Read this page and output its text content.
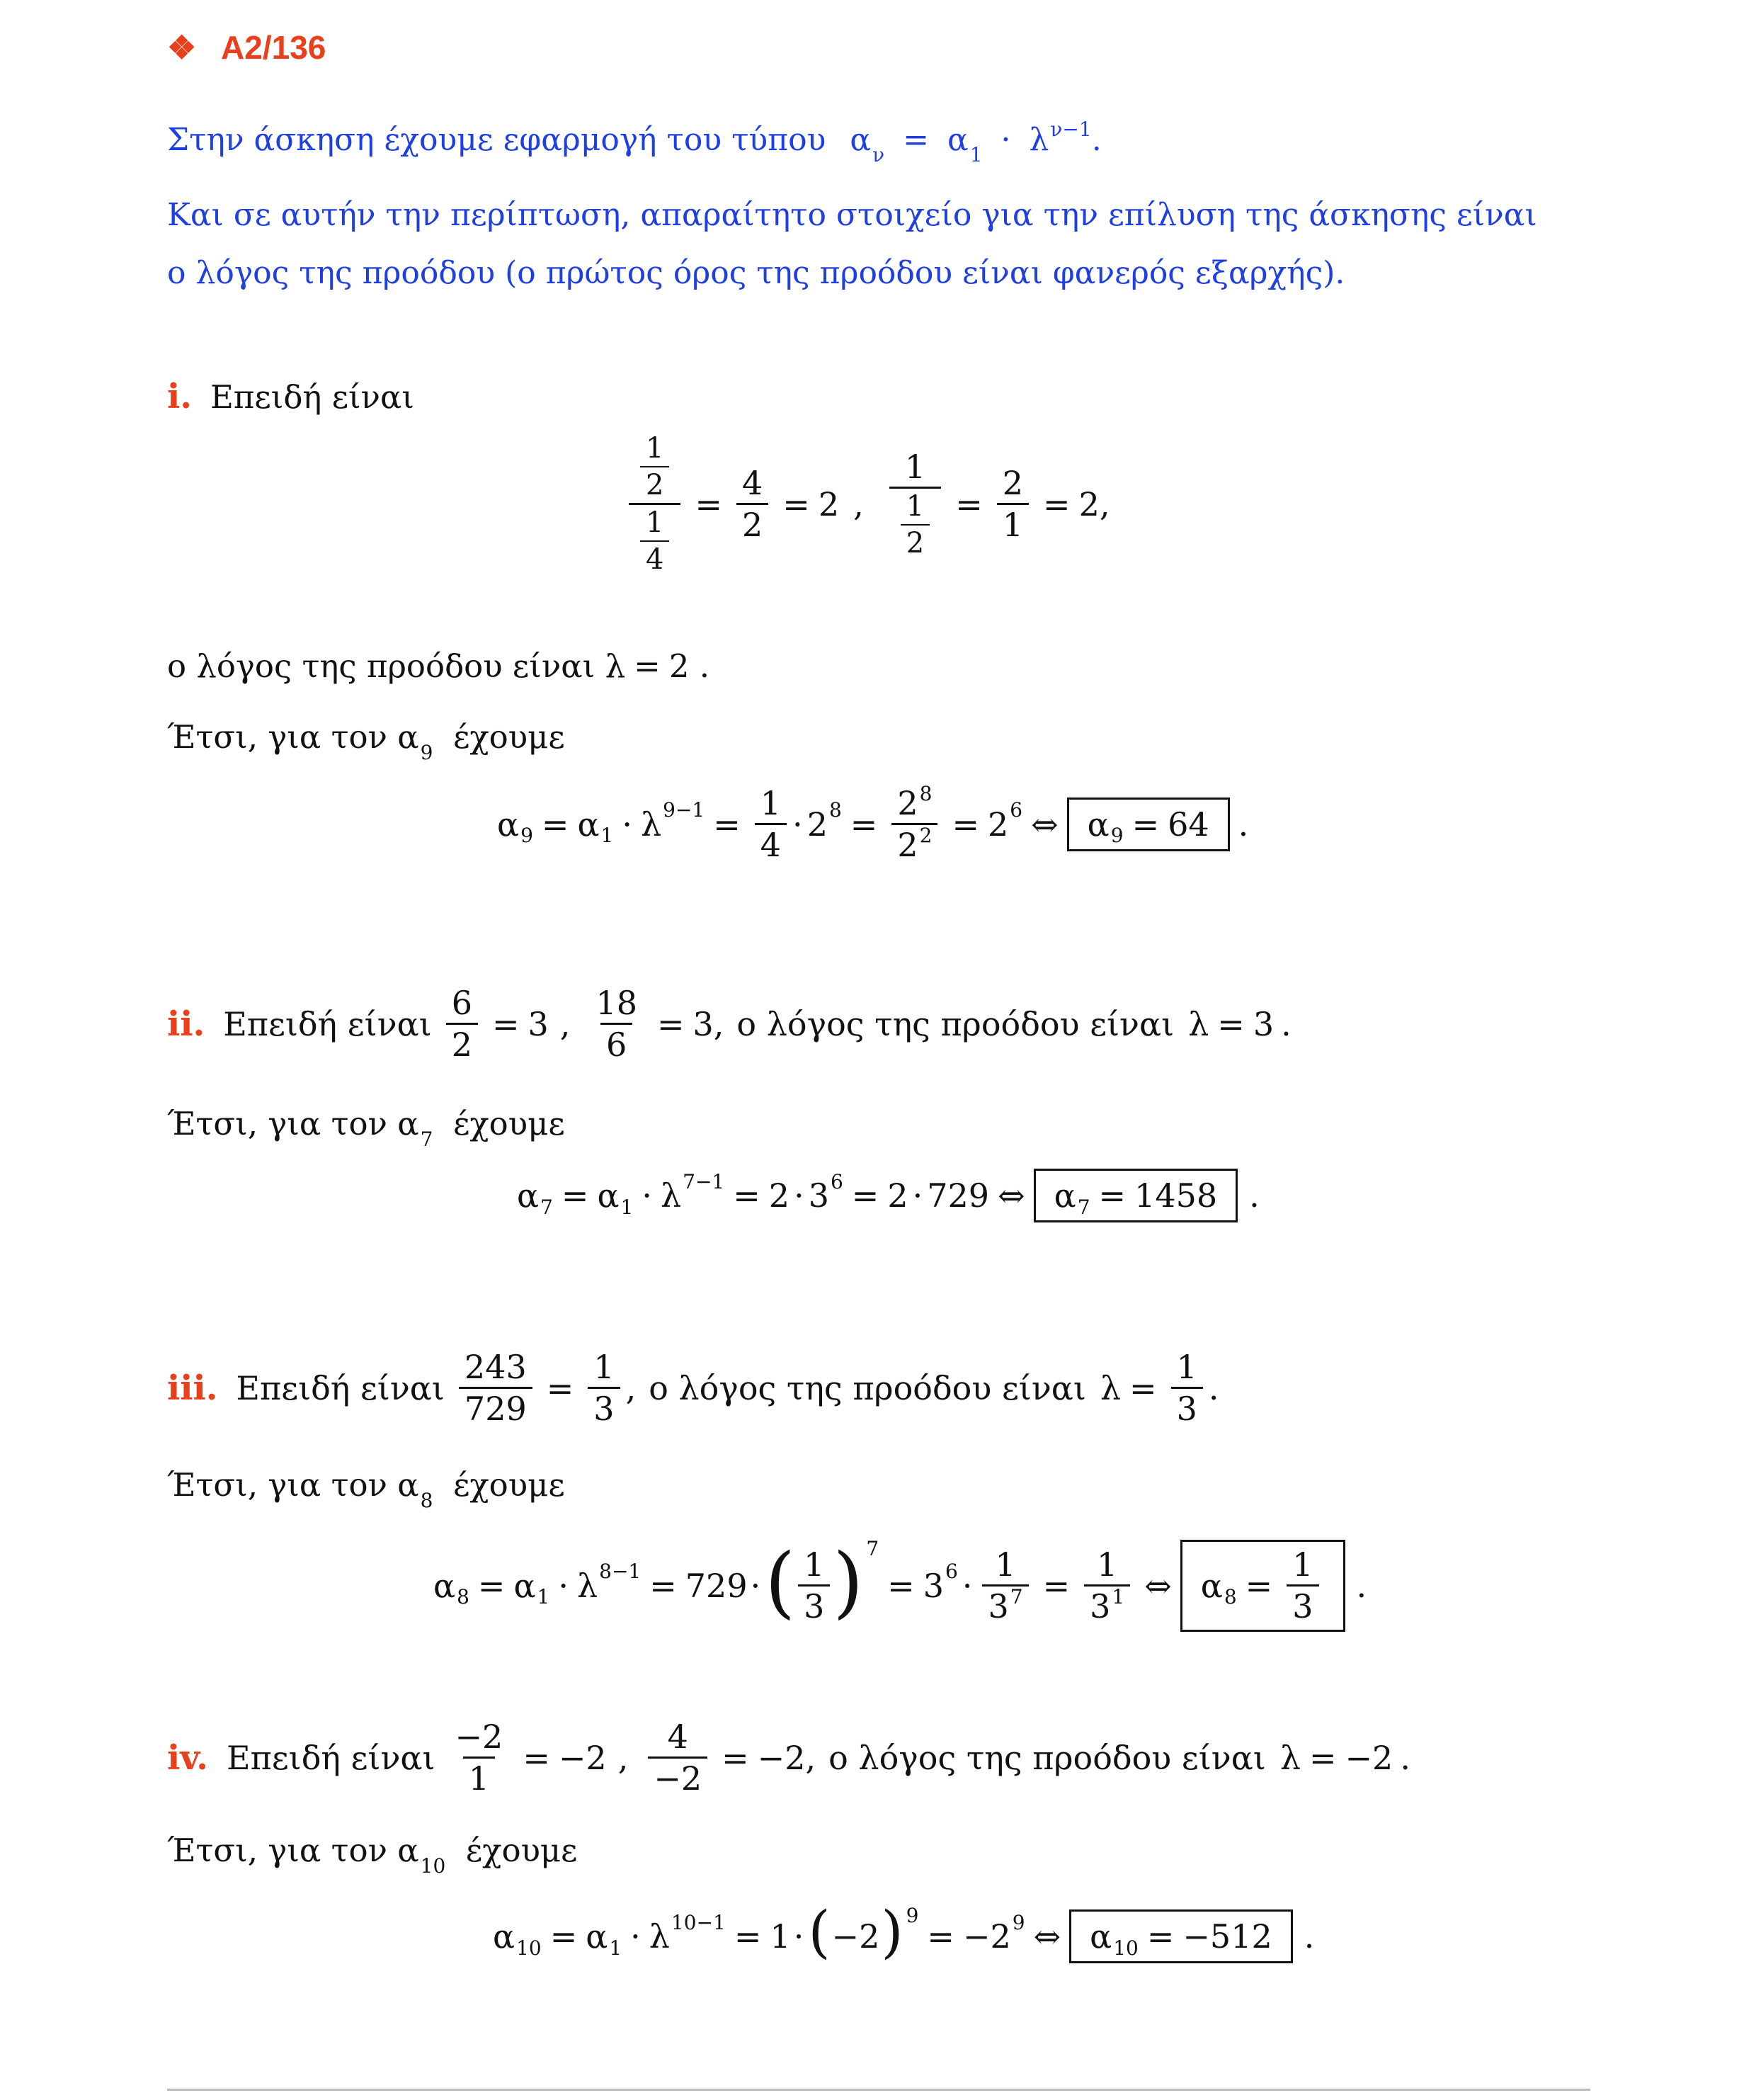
❖ A2/136
Στην άσκηση έχουμε εφαρμογή του τύπου $\alpha_\nu = \alpha_1 \cdot \lambda^{\nu-1}$.
Και σε αυτήν την περίπτωση, απαραίτητο στοιχείο για την επίλυση της άσκησης είναι
ο λόγος της προόδου (ο πρώτος όρος της προόδου είναι φανερός εξαρχής).
i. Επειδή είναι
$\frac{\frac{1}{2}}{\frac{1}{4}} = \frac{4}{2} = 2$ , $\frac{1}{\frac{1}{2}} = \frac{2}{1} = 2$ ,
ο λόγος της προόδου είναι λ = 2 .
Έτσι, για τον $\alpha_9$ έχουμε
α 9 = α 1 · λ $9-1 = \frac{1}{4} \cdot 2$ $8 = \frac{2^8}{2^2} = 2$ 6 ⇔ α 9 = 64 .
ii. Επειδή είναι $\frac{6}{2} = 3$ , $\frac{18}{6} = 3$ , ο λόγος της προόδου είναι λ = 3 .
Έτσι, για τον $\alpha_7$ έχουμε
α 7 = α 1 · λ 7−1 = 2 · 3 6 = 2 · 729 ⇔ α 7 = 1458 .
iii. Επειδή είναι $\frac{243}{729} = \frac{1}{3}$ , ο λόγος της προόδου είναι $\lambda = \frac{1}{3}$ .
Έτσι, για τον $\alpha_8$ έχουμε
α 8 = α 1 · λ 8−1 = 729 · ( $\frac{1}{3}$ ) 7
= 3 $6 \cdot \frac{1}{3^7} = \frac{1}{3^1}$ ⇔ α $8 = \frac{1}{3}$ .
iv. Επειδή είναι $\frac{-2}{1} = -2$ , $\frac{4}{-2} = -2$ , ο λόγος της προόδου είναι λ = −2 .
Έτσι, για τον $\alpha_{10}$ έχουμε
α 10 = α 1 · λ 10−1 = 1 · ( −2 ) 9
= −2 9 ⇔ α 10 = −512 .
